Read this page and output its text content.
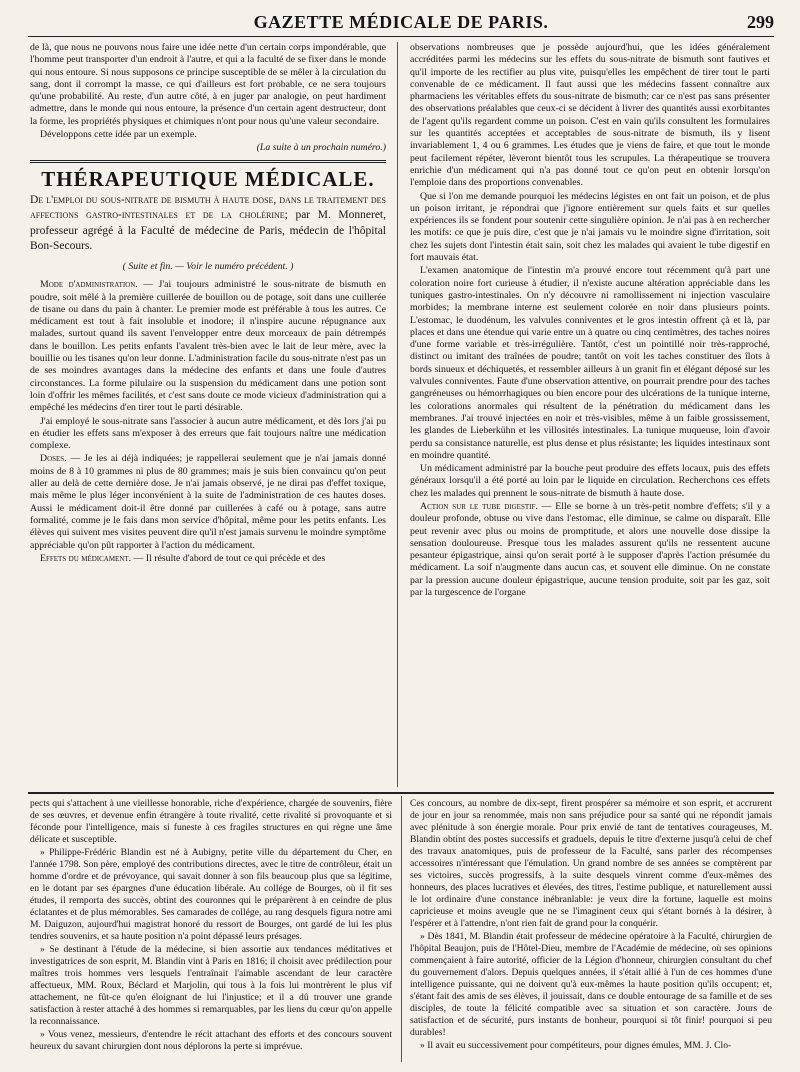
GAZETTE MÉDICALE DE PARIS.	299

de là, que nous ne pouvons nous faire une idée nette d'un certain corps impondérable, que l'homme peut transporter d'un endroit à l'autre, et qui a la faculté de se fixer dans le monde qui nous entoure. Si nous supposons ce principe susceptible de se mêler à la circulation du sang, dont il corrompt la masse, ce qui d'ailleurs est fort probable, ce ne sera toujours qu'une probabilité. Au reste, d'un autre côté, à en juger par analogie, on peut hardiment admettre, dans le monde qui nous entoure, la présence d'un certain agent destructeur, dont la forme, les propriétés physiques et chimiques n'ont pour nous qu'une valeur secondaire.

Développons cette idée par un exemple.

(La suite à un prochain numéro.)

THÉRAPEUTIQUE MÉDICALE.
De l'emploi du sous-nitrate de bismuth à haute dose, dans le traitement des affections gastro-intestinales et de la cholérine; par M. Monneret, professeur agrégé à la Faculté de médecine de Paris, médecin de l'hôpital Bon-Secours.
( Suite et fin. — Voir le numéro précédent. )

Mode d'administration. — J'ai toujours administré le sous-nitrate de bismuth en poudre, soit mêlé à la première cuillerée de bouillon ou de potage, soit dans une cuillerée de tisane ou dans du pain à chanter. Le premier mode est préférable à tous les autres. Ce médicament est tout à fait insoluble et inodore; il n'inspire aucune répugnance aux malades, surtout quand ils savent l'envelopper entre deux morceaux de pain détrempés dans le bouillon. Les petits enfants l'avalent très-bien avec le lait de leur mère, avec la bouillie ou les tisanes qu'on leur donne. L'administration facile du sous-nitrate n'est pas un de ses moindres avantages dans la médecine des enfants et dans une foule d'autres circonstances. La forme pilulaire ou la suspension du médicament dans une potion sont loin d'offrir les mêmes facilités, et c'est sans doute ce mode vicieux d'administration qui a empêché les médecins d'en tirer tout le parti désirable.

J'ai employé le sous-nitrate sans l'associer à aucun autre médicament, et dès lors j'ai pu en étudier les effets sans m'exposer à des erreurs que fait toujours naître une médication complexe.

Doses. — Je les ai déjà indiquées; je rappellerai seulement que je n'ai jamais donné moins de 8 à 10 grammes ni plus de 80 grammes; mais je suis bien convaincu qu'on peut aller au delà de cette dernière dose. Je n'ai jamais observé, je ne dirai pas d'effet toxique, mais même le plus léger inconvénient à la suite de l'administration de ces hautes doses. Aussi le médicament doit-il être donné par cuillerées à café ou à potage, sans autre formalité, comme je le fais dans mon service d'hôpital, même pour les petits enfants. Les élèves qui suivent mes visites peuvent dire qu'il n'est jamais survenu le moindre symptôme appréciable qu'on pût rapporter à l'action du médicament.

Effets du médicament. — Il résulte d'abord de tout ce qui précède et des

observations nombreuses que je possède aujourd'hui, que les idées généralement accréditées parmi les médecins sur les effets du sous-nitrate de bismuth sont fautives et qu'il importe de les rectifier au plus vite, puisqu'elles les empêchent de tirer tout le parti convenable de ce médicament. Il faut aussi que les médecins fassent connaître aux pharmaciens les véritables effets du sous-nitrate de bismuth; car ce n'est pas sans présenter des observations préalables que ceux-ci se décident à livrer des quantités aussi exorbitantes de l'agent qu'ils regardent comme un poison. C'est en vain qu'ils consultent les formulaires sur les quantités acceptées et acceptables de sous-nitrate de bismuth, ils y lisent invariablement 1, 4 ou 6 grammes. Les études que je viens de faire, et que tout le monde peut facilement répéter, lèveront bientôt tous les scrupules. La thérapeutique se trouvera enrichie d'un médicament qui n'a pas donné tout ce qu'on peut en obtenir lorsqu'on l'emploie dans des proportions convenables.

Que si l'on me demande pourquoi les médecins légistes en ont fait un poison, et de plus un poison irritant, je répondrai que j'ignore entièrement sur quels faits et sur quelles expériences ils se fondent pour soutenir cette singulière opinion. Je n'ai pas à en rechercher les motifs: ce que je puis dire, c'est que je n'ai jamais vu le moindre signe d'irritation, soit chez les sujets dont l'intestin était sain, soit chez les malades qui avaient le tube digestif en fort mauvais état.

L'examen anatomique de l'intestin m'a prouvé encore tout récemment qu'à part une coloration noire fort curieuse à étudier, il n'existe aucune altération appréciable dans les tuniques gastro-intestinales. On n'y découvre ni ramollissement ni injection vasculaire morbides; la membrane interne est seulement colorée en noir dans plusieurs points. L'estomac, le duodénum, les valvules conniventes et le gros intestin offrent çà et là, par places et dans une étendue qui varie entre un à quatre ou cinq centimètres, des taches noires d'une forme variable et très-irrégulière. Tantôt, c'est un pointillé noir très-rapproché, distinct ou imitant des traînées de poudre; tantôt on voit les taches constituer des îlots à bords sinueux et déchiquetés, et ressembler ailleurs à un granit fin et élégant déposé sur les valvules conniventes. Faute d'une observation attentive, on pourrait prendre pour des taches gangréneuses ou hémorrhagiques ou bien encore pour des ulcérations de la tunique interne, les colorations anormales qui résultent de la pénétration du médicament dans les membranes. J'ai trouvé injectées en noir et très-visibles, même à un faible grossissement, les glandes de Lieberkühn et les villosités intestinales. La tunique muqueuse, loin d'avoir perdu sa consistance naturelle, est plus dense et plus résistante; les liquides intestinaux sont en moindre quantité.

Un médicament administré par la bouche peut produire des effets locaux, puis des effets généraux lorsqu'il a été porté au loin par le liquide en circulation. Recherchons ces effets chez les malades qui prennent le sous-nitrate de bismuth à haute dose.

Action sur le tube digestif. — Elle se borne à un très-petit nombre d'effets; s'il y a douleur profonde, obtuse ou vive dans l'estomac, elle diminue, se calme ou disparaît. Elle peut revenir avec plus ou moins de promptitude, et alors une nouvelle dose dissipe la sensation douloureuse. Presque tous les malades assurent qu'ils ne ressentent aucune pesanteur épigastrique, ainsi qu'on serait porté à le supposer d'après l'action présumée du médicament. La soif n'augmente dans aucun cas, et souvent elle diminue. On ne constate par la pression aucune douleur épigastrique, aucune tension produite, soit par les gaz, soit par la turgescence de l'organe

pects qui s'attachent à une vieillesse honorable, riche d'expérience, chargée de souvenirs, fière de ses œuvres, et devenue enfin étrangère à toute rivalité, cette rivalité si provoquante et si féconde pour l'intelligence, mais si funeste à ces fragiles structures en qui règne une âme délicate et susceptible.

» Philippe-Frédéric Blandin est né à Aubigny, petite ville du département du Cher, en l'année 1798. Son père, employé des contributions directes, avec le titre de contrôleur, était un homme d'ordre et de prévoyance, qui savait donner à son fils beaucoup plus que sa légitime, en le dotant par ses épargnes d'une éducation libérale. Au collége de Bourges, où il fit ses études, il remporta des succès, obtint des couronnes qui le préparèrent à en ceindre de plus éclatantes et de plus mémorables. Ses camarades de collége, au rang desquels figura notre ami M. Daiguzon, aujourd'hui magistrat honoré du ressort de Bourges, ont gardé de lui les plus tendres souvenirs, et sa haute position n'a point dépassé leurs présages.

» Se destinant à l'étude de la médecine, si bien assortie aux tendances méditatives et investigatrices de son esprit, M. Blandin vint à Paris en 1816; il choisit avec prédilection pour maîtres trois hommes vers lesquels l'entraînait l'aimable ascendant de leur caractère affectueux, MM. Roux, Béclard et Marjolin, qui tous à la fois lui montrèrent le plus vif attachement, ne fût-ce qu'en éloignant de lui l'injustice; et il a dû trouver une grande satisfaction à rester attaché à des hommes si remarquables, par les liens du cœur qu'on appelle la reconnaissance.

» Vous venez, messieurs, d'entendre le récit attachant des efforts et des concours souvent heureux du savant chirurgien dont nous déplorons la perte si imprévue.

Ces concours, au nombre de dix-sept, firent prospérer sa mémoire et son esprit, et accrurent de jour en jour sa renommée, mais non sans préjudice pour sa santé qui ne répondit jamais avec plénitude à son énergie morale. Pour prix envié de tant de tentatives courageuses, M. Blandin obtint des postes successifs et graduels, depuis le titre d'externe jusqu'à celui de chef des travaux anatomiques, puis de professeur de la Faculté, sans parler des récompenses accessoires n'intéressant que l'émulation. Un grand nombre de ses années se comptèrent par ses victoires, succès progressifs, à la suite desquels vinrent comme d'eux-mêmes des honneurs, des places lucratives et élevées, des titres, l'estime publique, et naturellement aussi le lot ordinaire d'une constance inébranlable: je veux dire la fortune, laquelle est moins capricieuse et moins aveugle que ne se l'imaginent ceux qui s'étant bornés à la désirer, à l'espérer et à l'attendre, n'ont rien fait de grand pour la conquérir.

» Dès 1841, M. Blandin était professeur de médecine opératoire à la Faculté, chirurgien de l'hôpital Beaujon, puis de l'Hôtel-Dieu, membre de l'Académie de médecine, où ses opinions commençaient à faire autorité, officier de la Légion d'honneur, chirurgien consultant du chef du gouvernement d'alors. Depuis quelques années, il s'était allié à l'un de ces hommes d'une intelligence puissante, qui ne doivent qu'à eux-mêmes la haute position qu'ils occupent; et, s'étant fait des amis de ses élèves, il jouissait, dans ce double entourage de sa famille et de ses disciples, de toute la félicité compatible avec sa situation et son caractère. Jours de satisfaction et de sécurité, purs instants de bonheur, pourquoi si tôt finir! pourquoi si peu durables!

» Il avait eu successivement pour compétiteurs, pour dignes émules, MM. J. Clo-
